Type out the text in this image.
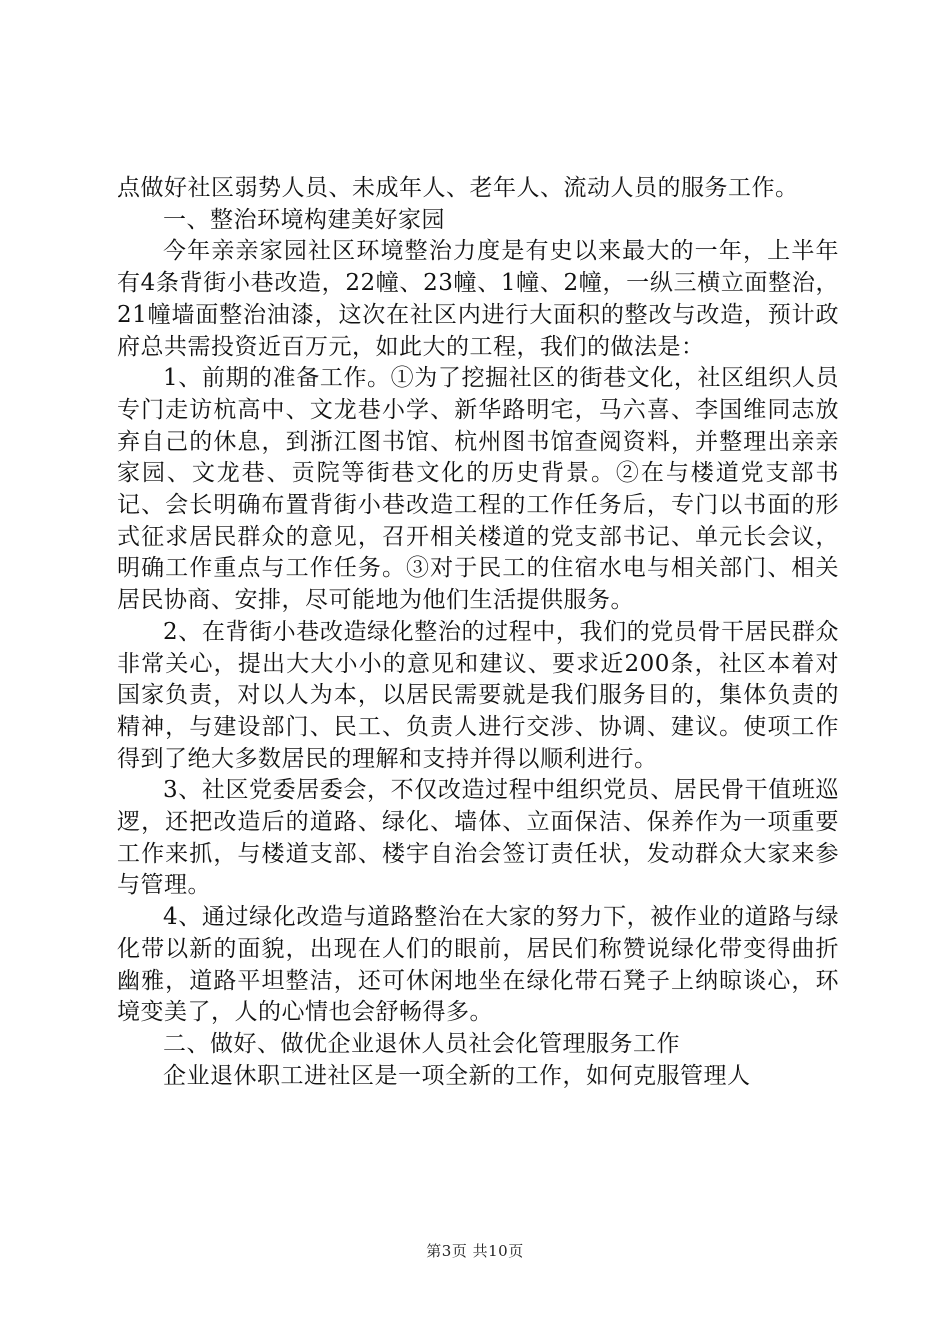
点做好社区弱势人员、未成年人、老年人、流动人员的服务工作。

一、整治环境构建美好家园

今年亲亲家园社区环境整治力度是有史以来最大的一年，上半年有4条背街小巷改造，22幢、23幢、1幢、2幢，一纵三横立面整治，21幢墙面整治油漆，这次在社区内进行大面积的整改与改造，预计政府总共需投资近百万元，如此大的工程，我们的做法是：

1、前期的准备工作。①为了挖掘社区的街巷文化，社区组织人员专门走访杭高中、文龙巷小学、新华路明宅，马六喜、李国维同志放弃自己的休息，到浙江图书馆、杭州图书馆查阅资料，并整理出亲亲家园、文龙巷、贡院等街巷文化的历史背景。②在与楼道党支部书记、会长明确布置背街小巷改造工程的工作任务后，专门以书面的形式征求居民群众的意见，召开相关楼道的党支部书记、单元长会议，明确工作重点与工作任务。③对于民工的住宿水电与相关部门、相关居民协商、安排，尽可能地为他们生活提供服务。

2、在背街小巷改造绿化整治的过程中，我们的党员骨干居民群众非常关心，提出大大小小的意见和建议、要求近200条，社区本着对国家负责，对以人为本，以居民需要就是我们服务目的，集体负责的精神，与建设部门、民工、负责人进行交涉、协调、建议。使项工作得到了绝大多数居民的理解和支持并得以顺利进行。

3、社区党委居委会，不仅改造过程中组织党员、居民骨干值班巡逻，还把改造后的道路、绿化、墙体、立面保洁、保养作为一项重要工作来抓，与楼道支部、楼宇自治会签订责任状，发动群众大家来参与管理。

4、通过绿化改造与道路整治在大家的努力下，被作业的道路与绿化带以新的面貌，出现在人们的眼前，居民们称赞说绿化带变得曲折幽雅，道路平坦整洁，还可休闲地坐在绿化带石凳子上纳晾谈心，环境变美了，人的心情也会舒畅得多。

二、做好、做优企业退休人员社会化管理服务工作

企业退休职工进社区是一项全新的工作，如何克服管理人

第3页 共10页
